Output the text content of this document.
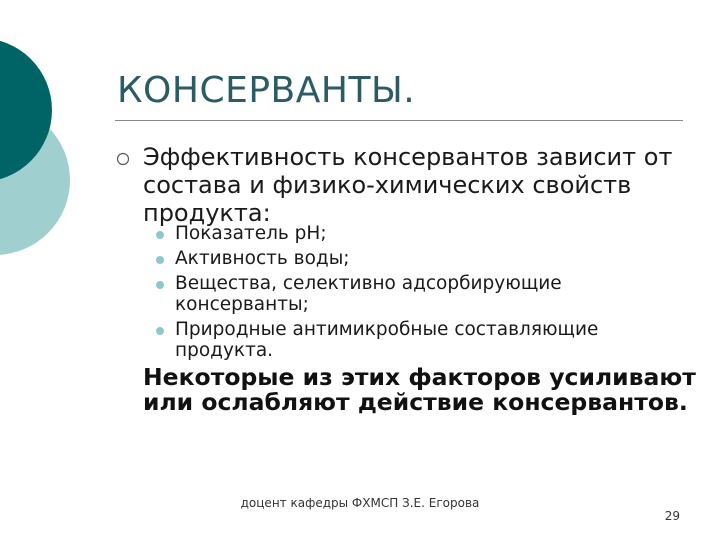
КОНСЕРВАНТЫ.
Эффективность консервантов зависит от состава и физико-химических свойств продукта:
Показатель pH;
Активность воды;
Вещества, селективно адсорбирующие консерванты;
Природные антимикробные составляющие продукта.
Некоторые из этих факторов усиливают или ослабляют действие консервантов.
доцент кафедры ФХМСП З.Е. Егорова
29
